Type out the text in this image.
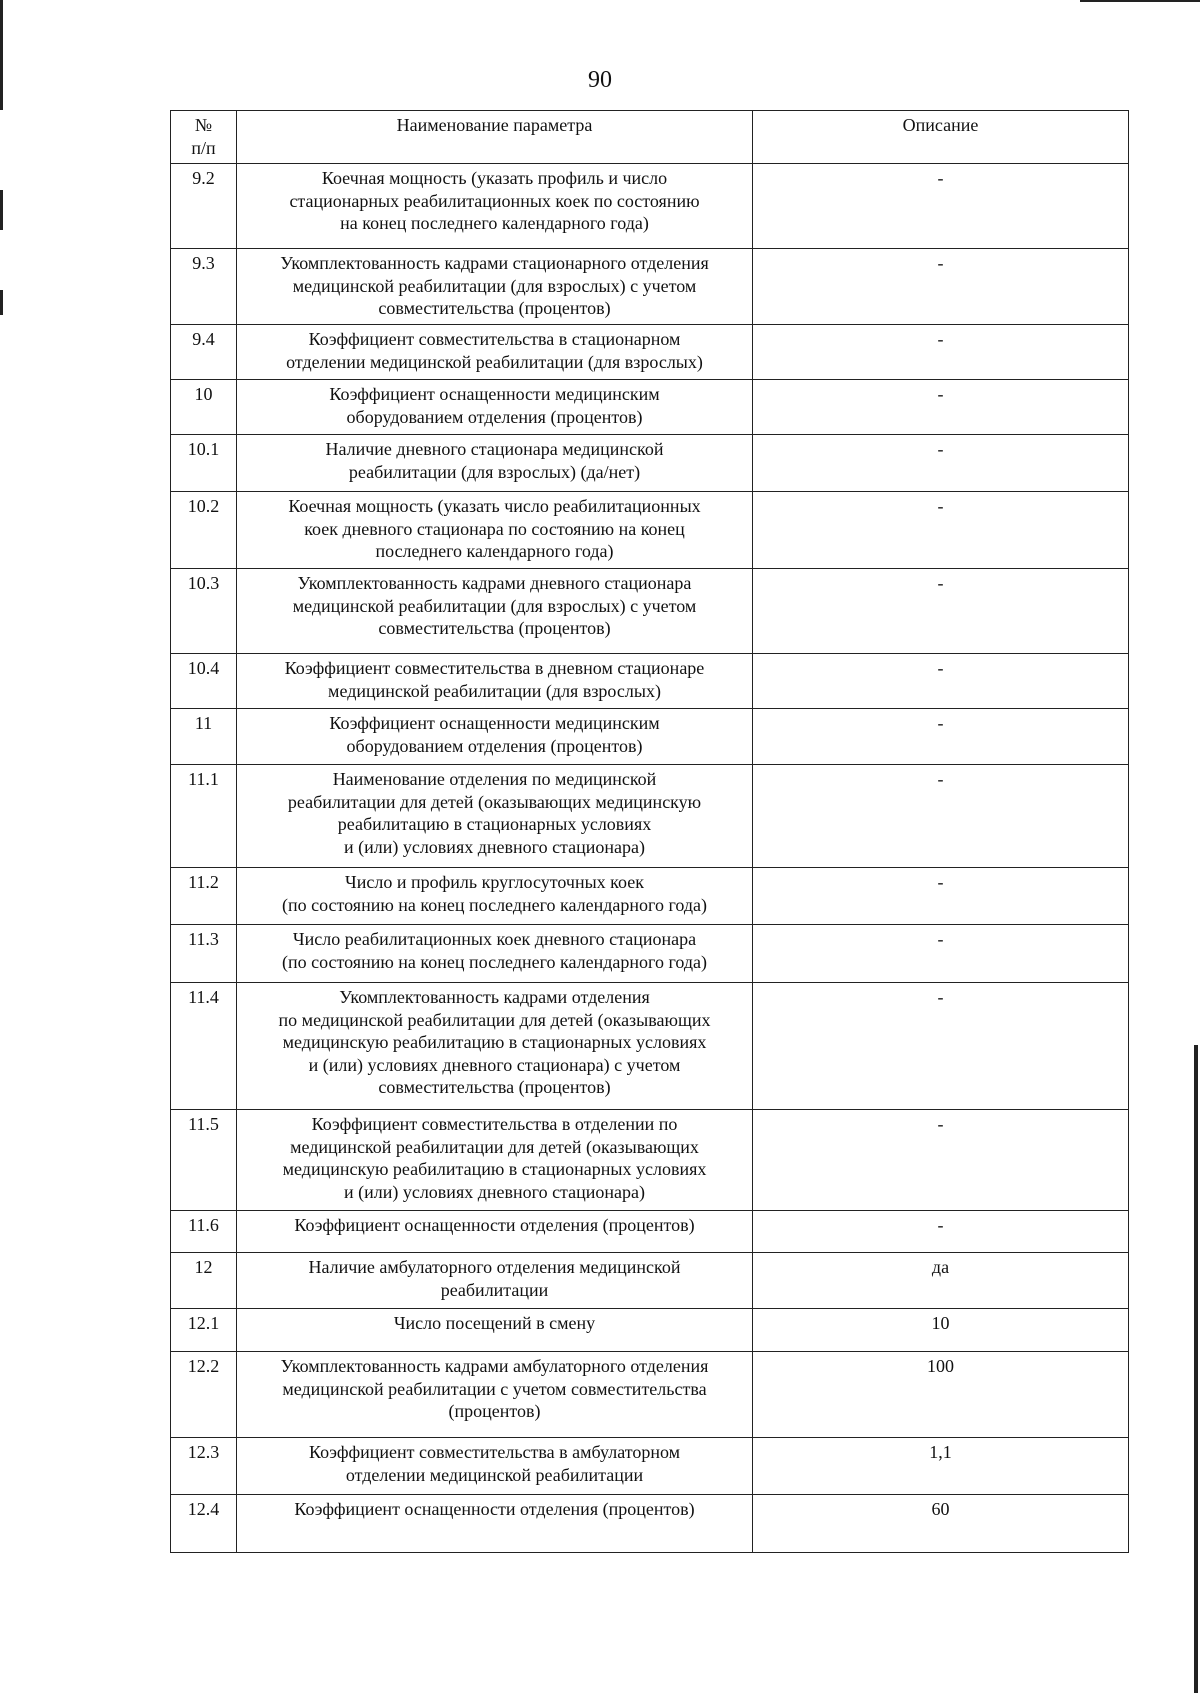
90
№
п/п	Наименование параметра	Описание
9.2	Коечная мощность (указать профиль и число
стационарных реабилитационных коек по состоянию
на конец последнего календарного года)	-
9.3	Укомплектованность кадрами стационарного отделения
медицинской реабилитации (для взрослых) с учетом
совместительства (процентов)	-
9.4	Коэффициент совместительства в стационарном
отделении медицинской реабилитации (для взрослых)	-
10	Коэффициент оснащенности медицинским
оборудованием отделения (процентов)	-
10.1	Наличие дневного стационара медицинской
реабилитации (для взрослых) (да/нет)	-
10.2	Коечная мощность (указать число реабилитационных
коек дневного стационара по состоянию на конец
последнего календарного года)	-
10.3	Укомплектованность кадрами дневного стационара
медицинской реабилитации (для взрослых) с учетом
совместительства (процентов)	-
10.4	Коэффициент совместительства в дневном стационаре
медицинской реабилитации (для взрослых)	-
11	Коэффициент оснащенности медицинским
оборудованием отделения (процентов)	-
11.1	Наименование отделения по медицинской
реабилитации для детей (оказывающих медицинскую
реабилитацию в стационарных условиях
и (или) условиях дневного стационара)	-
11.2	Число и профиль круглосуточных коек
(по состоянию на конец последнего календарного года)	-
11.3	Число реабилитационных коек дневного стационара
(по состоянию на конец последнего календарного года)	-
11.4	Укомплектованность кадрами отделения
по медицинской реабилитации для детей (оказывающих
медицинскую реабилитацию в стационарных условиях
и (или) условиях дневного стационара) с учетом
совместительства (процентов)	-
11.5	Коэффициент совместительства в отделении по
медицинской реабилитации для детей (оказывающих
медицинскую реабилитацию в стационарных условиях
и (или) условиях дневного стационара)	-
11.6	Коэффициент оснащенности отделения (процентов)	-
12	Наличие амбулаторного отделения медицинской
реабилитации	да
12.1	Число посещений в смену	10
12.2	Укомплектованность кадрами амбулаторного отделения
медицинской реабилитации с учетом совместительства
(процентов)	100
12.3	Коэффициент совместительства в амбулаторном
отделении медицинской реабилитации	1,1
12.4	Коэффициент оснащенности отделения (процентов)	60
